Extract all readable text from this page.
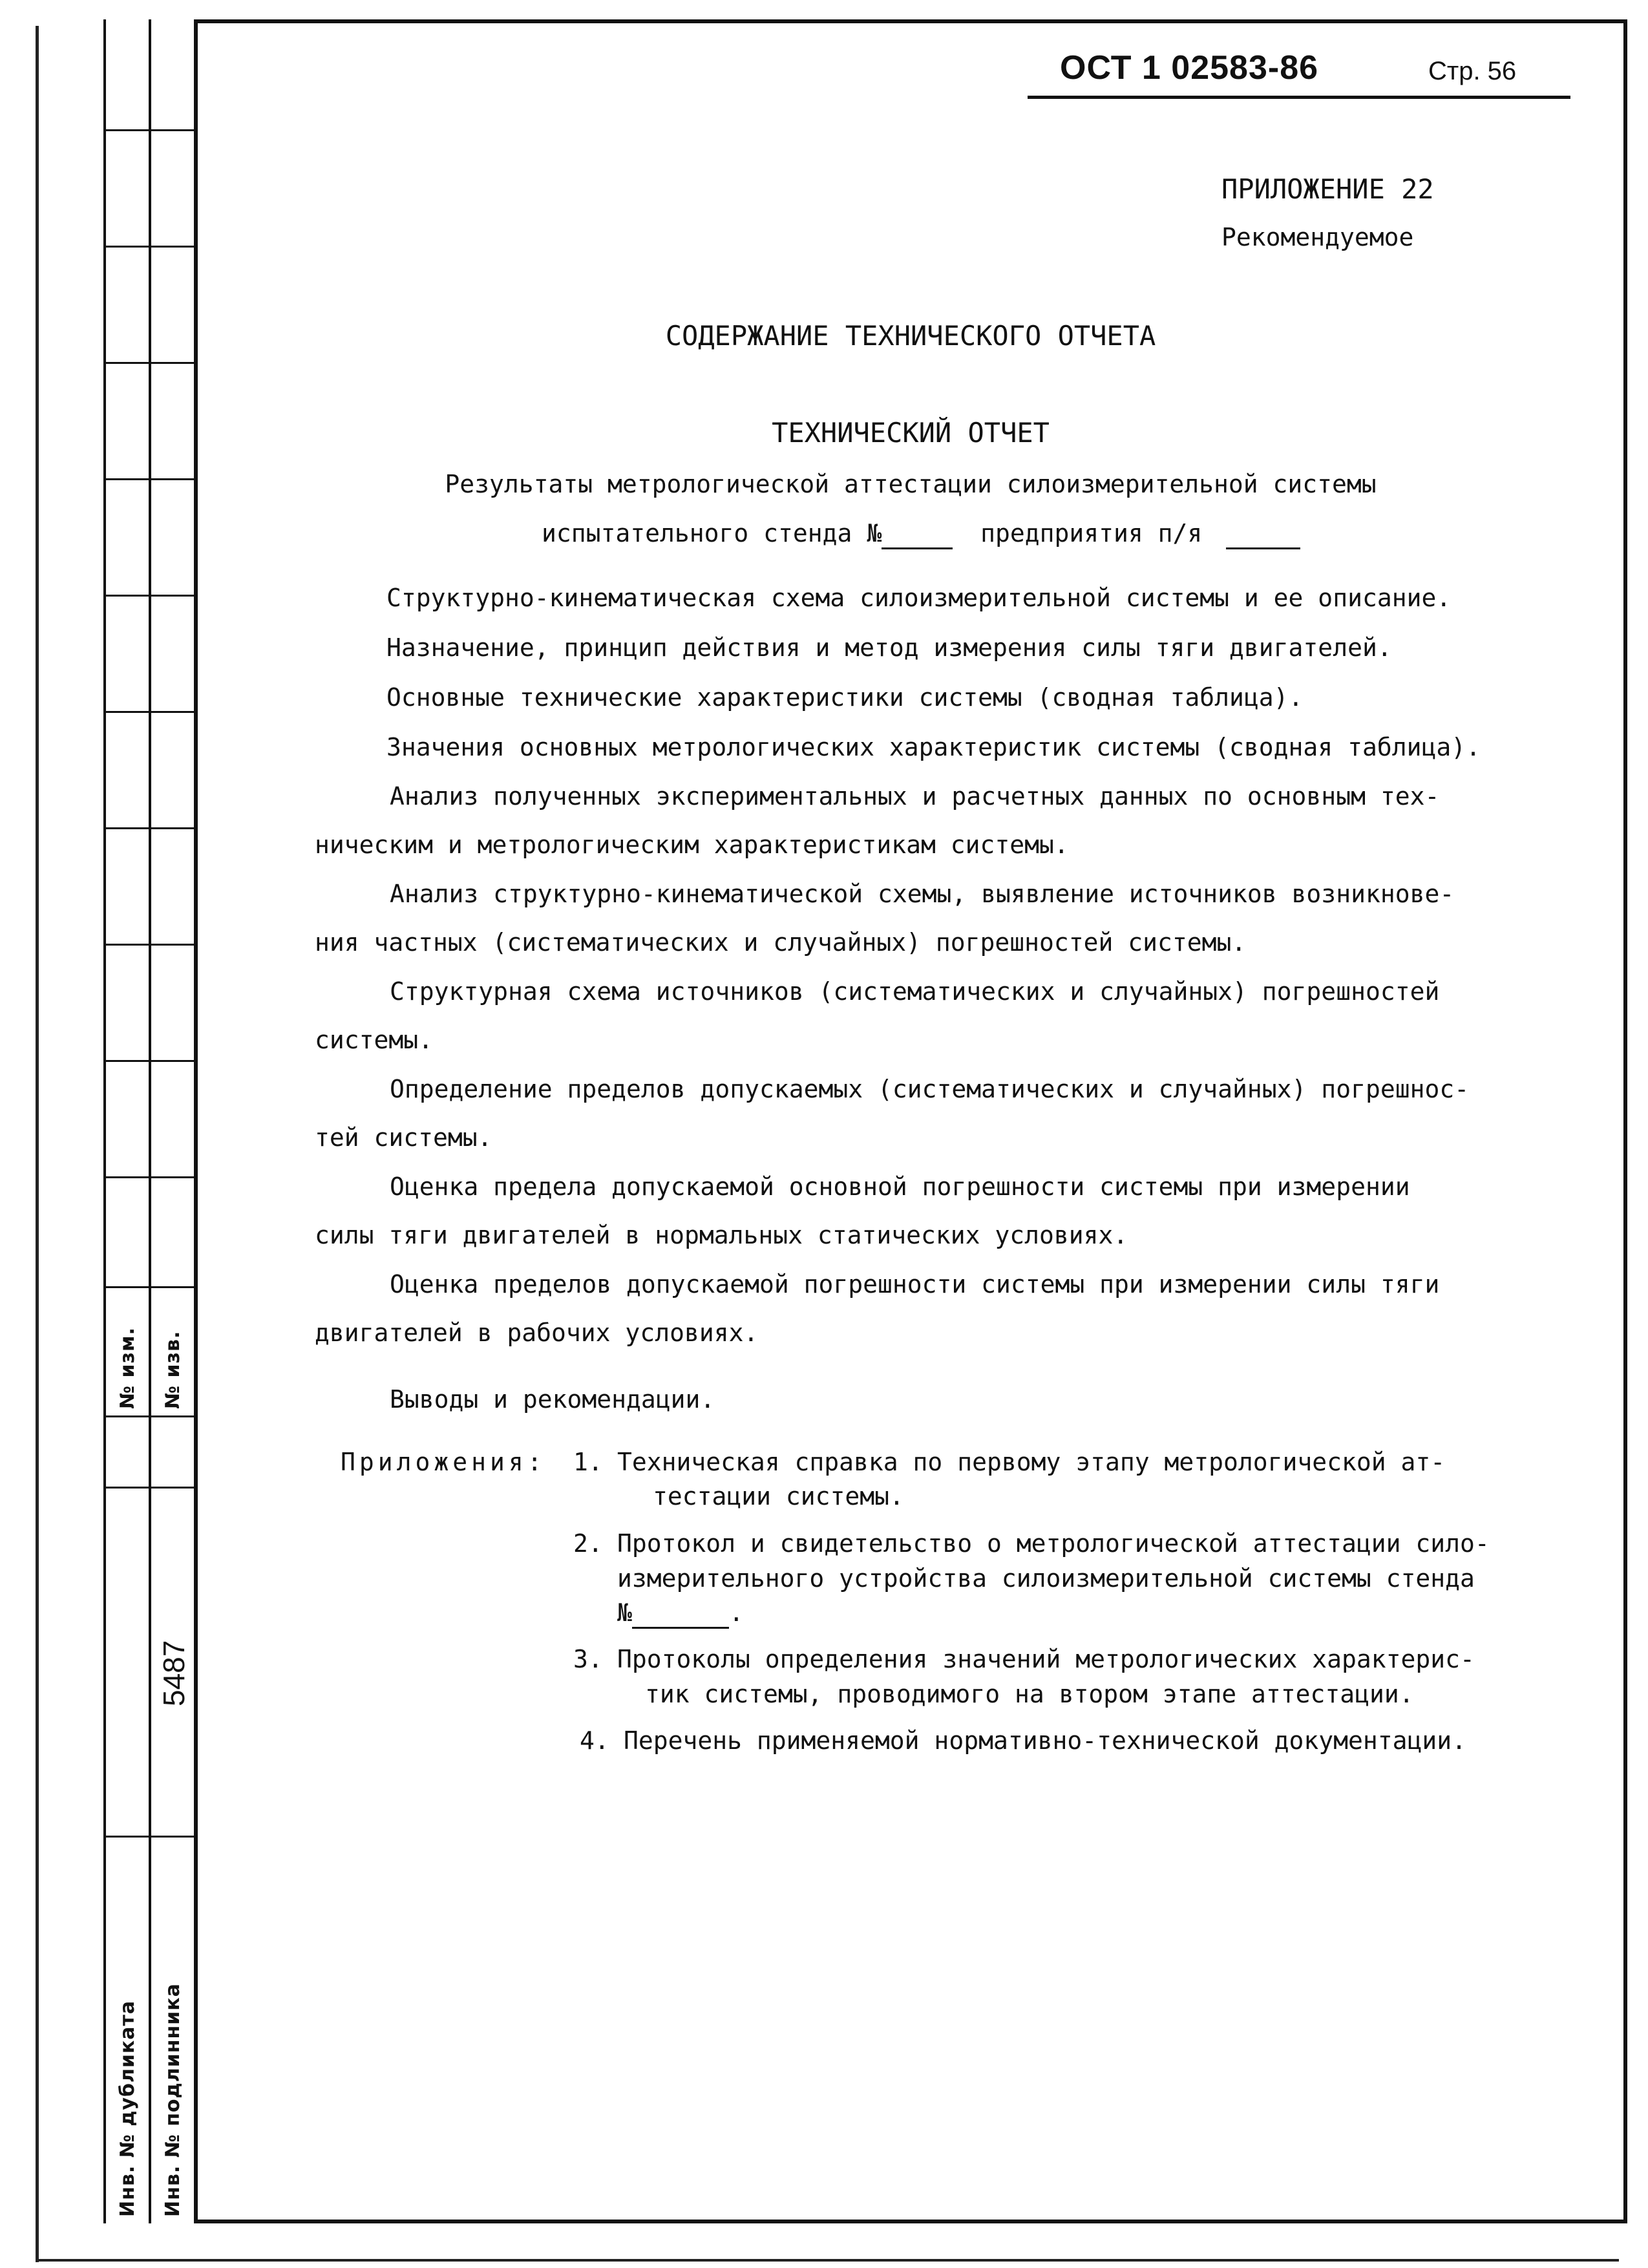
№ изм. № изв.
Инв. № дубликата Инв. № подлинника
5487
ОСТ 1 02583-86	Стр. 56
ПРИЛОЖЕНИЕ 22
Рекомендуемое
СОДЕРЖАНИЕ ТЕХНИЧЕСКОГО ОТЧЕТА
ТЕХНИЧЕСКИЙ ОТЧЕТ
Результаты метрологической аттестации силоизмерительной системы
испытательного стенда №	предприятия п/я
Структурно-кинематическая схема силоизмерительной системы и ее описание.
Назначение, принцип действия и метод измерения силы тяги двигателей.
Основные технические характеристики системы (сводная таблица).
Значения основных метрологических характеристик системы (сводная таблица).
Анализ полученных экспериментальных и расчетных данных по основным тех-
ническим и метрологическим характеристикам системы.
Анализ структурно-кинематической схемы, выявление источников возникнове-
ния частных (систематических и случайных) погрешностей системы.
Структурная схема источников (систематических и случайных) погрешностей
системы.
Определение пределов допускаемых (систематических и случайных) погрешнос-
тей системы.
Оценка предела допускаемой основной погрешности системы при измерении
силы тяги двигателей в нормальных статических условиях.
Оценка пределов допускаемой погрешности системы при измерении силы тяги
двигателей в рабочих условиях.
Выводы и рекомендации.
Приложения: 1. Техническая справка по первому этапу метрологической ат-
тестации системы.
2. Протокол и свидетельство о метрологической аттестации сило-
измерительного устройства силоизмерительной системы стенда
№	.
3. Протоколы определения значений метрологических характерис-
тик системы, проводимого на втором этапе аттестации.
4. Перечень применяемой нормативно-технической документации.
